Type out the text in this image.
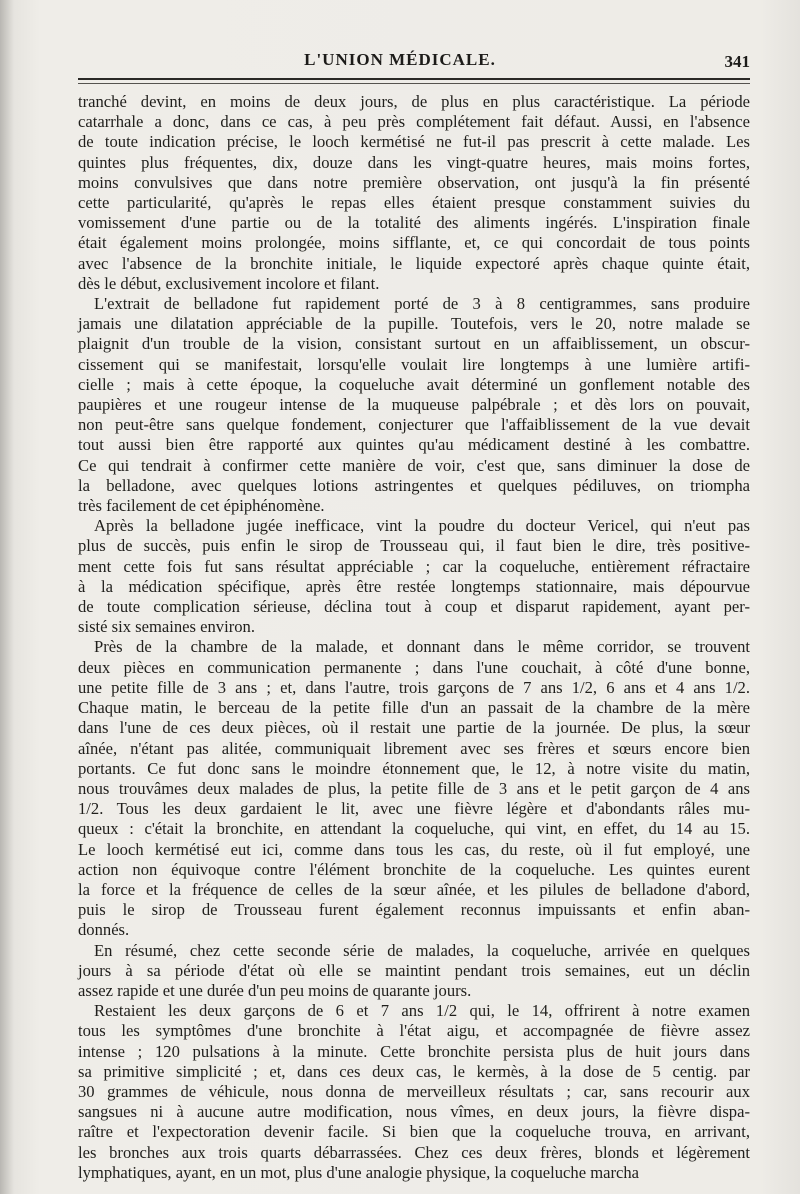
L'UNION MÉDICALE.	341

tranché devint, en moins de deux jours, de plus en plus caractéristique. La période
catarrhale a donc, dans ce cas, à peu près complétement fait défaut. Aussi, en l'absence
de toute indication précise, le looch kermétisé ne fut-il pas prescrit à cette malade. Les
quintes plus fréquentes, dix, douze dans les vingt-quatre heures, mais moins fortes,
moins convulsives que dans notre première observation, ont jusqu'à la fin présenté
cette particularité, qu'après le repas elles étaient presque constamment suivies du
vomissement d'une partie ou de la totalité des aliments ingérés. L'inspiration finale
était également moins prolongée, moins sifflante, et, ce qui concordait de tous points
avec l'absence de la bronchite initiale, le liquide expectoré après chaque quinte était,
dès le début, exclusivement incolore et filant.

L'extrait de belladone fut rapidement porté de 3 à 8 centigrammes, sans produire
jamais une dilatation appréciable de la pupille. Toutefois, vers le 20, notre malade se
plaignit d'un trouble de la vision, consistant surtout en un affaiblissement, un obscur-
cissement qui se manifestait, lorsqu'elle voulait lire longtemps à une lumière artifi-
cielle ; mais à cette époque, la coqueluche avait déterminé un gonflement notable des
paupières et une rougeur intense de la muqueuse palpébrale ; et dès lors on pouvait,
non peut-être sans quelque fondement, conjecturer que l'affaiblissement de la vue devait
tout aussi bien être rapporté aux quintes qu'au médicament destiné à les combattre.
Ce qui tendrait à confirmer cette manière de voir, c'est que, sans diminuer la dose de
la belladone, avec quelques lotions astringentes et quelques pédiluves, on triompha
très facilement de cet épiphénomène.

Après la belladone jugée inefficace, vint la poudre du docteur Vericel, qui n'eut pas
plus de succès, puis enfin le sirop de Trousseau qui, il faut bien le dire, très positive-
ment cette fois fut sans résultat appréciable ; car la coqueluche, entièrement réfractaire
à la médication spécifique, après être restée longtemps stationnaire, mais dépourvue
de toute complication sérieuse, déclina tout à coup et disparut rapidement, ayant per-
sisté six semaines environ.

Près de la chambre de la malade, et donnant dans le même corridor, se trouvent
deux pièces en communication permanente ; dans l'une couchait, à côté d'une bonne,
une petite fille de 3 ans ; et, dans l'autre, trois garçons de 7 ans 1/2, 6 ans et 4 ans 1/2.
Chaque matin, le berceau de la petite fille d'un an passait de la chambre de la mère
dans l'une de ces deux pièces, où il restait une partie de la journée. De plus, la sœur
aînée, n'étant pas alitée, communiquait librement avec ses frères et sœurs encore bien
portants. Ce fut donc sans le moindre étonnement que, le 12, à notre visite du matin,
nous trouvâmes deux malades de plus, la petite fille de 3 ans et le petit garçon de 4 ans
1/2. Tous les deux gardaient le lit, avec une fièvre légère et d'abondants râles mu-
queux : c'était la bronchite, en attendant la coqueluche, qui vint, en effet, du 14 au 15.
Le looch kermétisé eut ici, comme dans tous les cas, du reste, où il fut employé, une
action non équivoque contre l'élément bronchite de la coqueluche. Les quintes eurent
la force et la fréquence de celles de la sœur aînée, et les pilules de belladone d'abord,
puis le sirop de Trousseau furent également reconnus impuissants et enfin aban-
donnés.

En résumé, chez cette seconde série de malades, la coqueluche, arrivée en quelques
jours à sa période d'état où elle se maintint pendant trois semaines, eut un déclin
assez rapide et une durée d'un peu moins de quarante jours.

Restaient les deux garçons de 6 et 7 ans 1/2 qui, le 14, offrirent à notre examen
tous les symptômes d'une bronchite à l'état aigu, et accompagnée de fièvre assez
intense ; 120 pulsations à la minute. Cette bronchite persista plus de huit jours dans
sa primitive simplicité ; et, dans ces deux cas, le kermès, à la dose de 5 centig. par
30 grammes de véhicule, nous donna de merveilleux résultats ; car, sans recourir aux
sangsues ni à aucune autre modification, nous vîmes, en deux jours, la fièvre dispa-
raître et l'expectoration devenir facile. Si bien que la coqueluche trouva, en arrivant,
les bronches aux trois quarts débarrassées. Chez ces deux frères, blonds et légèrement
lymphatiques, ayant, en un mot, plus d'une analogie physique, la coqueluche marcha
